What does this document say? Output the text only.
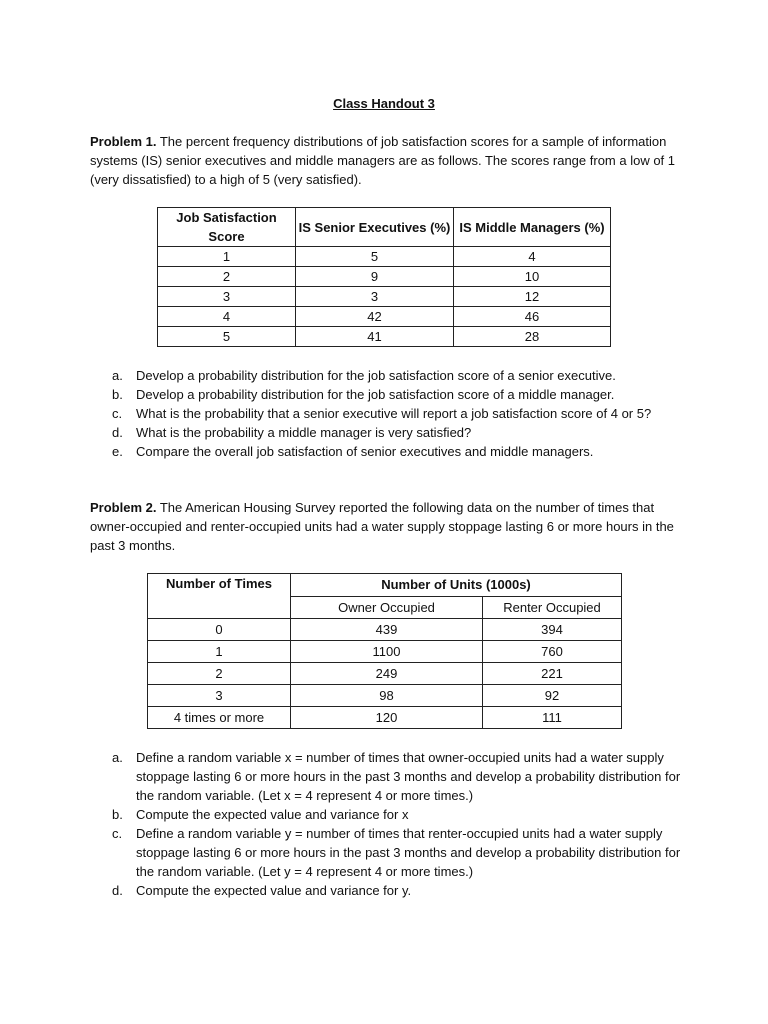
Class Handout 3
Problem 1. The percent frequency distributions of job satisfaction scores for a sample of information systems (IS) senior executives and middle managers are as follows. The scores range from a low of 1 (very dissatisfied) to a high of 5 (very satisfied).
Job Satisfaction Score	IS Senior Executives (%)	IS Middle Managers (%)
1	5	4
2	9	10
3	3	12
4	42	46
5	41	28
a. Develop a probability distribution for the job satisfaction score of a senior executive.
b. Develop a probability distribution for the job satisfaction score of a middle manager.
c. What is the probability that a senior executive will report a job satisfaction score of 4 or 5?
d. What is the probability a middle manager is very satisfied?
e. Compare the overall job satisfaction of senior executives and middle managers.
Problem 2. The American Housing Survey reported the following data on the number of times that owner-occupied and renter-occupied units had a water supply stoppage lasting 6 or more hours in the past 3 months.
Number of Times	Number of Units (1000s)	
	Owner Occupied	Renter Occupied
0	439	394
1	1100	760
2	249	221
3	98	92
4 times or more	120	111
a. Define a random variable x = number of times that owner-occupied units had a water supply stoppage lasting 6 or more hours in the past 3 months and develop a probability distribution for the random variable. (Let x = 4 represent 4 or more times.)
b. Compute the expected value and variance for x
c. Define a random variable y = number of times that renter-occupied units had a water supply stoppage lasting 6 or more hours in the past 3 months and develop a probability distribution for the random variable. (Let y = 4 represent 4 or more times.)
d. Compute the expected value and variance for y.
